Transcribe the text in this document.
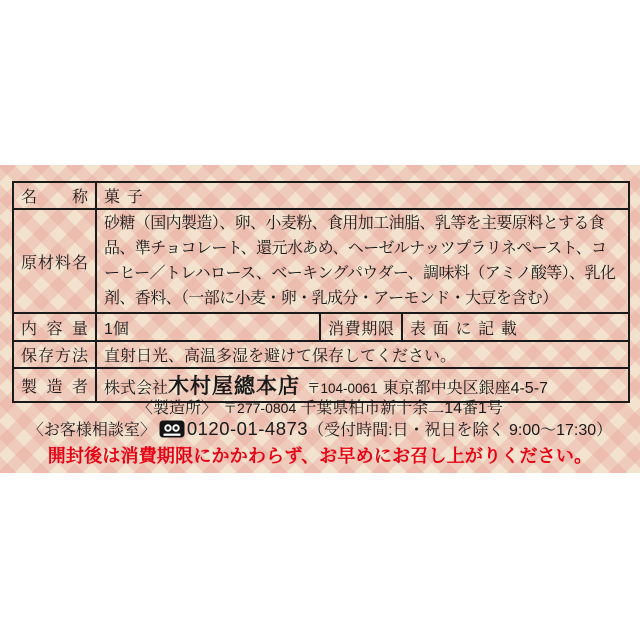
名称	菓子		
原材料名	砂糖（国内製造）、卵、小麦粉、食用加工油脂、乳等を主要原料とする食品、準チョコレート、還元水あめ、ヘーゼルナッツプラリネペースト、コーヒー／トレハロース、ベーキングパウダー、調味料（アミノ酸等）、乳化剤、香料、（一部に小麦・卵・乳成分・アーモンド・大豆を含む）		
内容量	1個	消費期限	表面に記載
保存方法	直射日光、高温多湿を避けて保存してください。		
製造者	株式会社木村屋總本店 〒104-0061 東京都中央区銀座4-5-7		
〈製造所〉 〒277-0804 千葉県柏市新十余二14番1号
〈お客様相談室〉 0120-01-4873（受付時間:日・祝日を除く 9:00～17:30）
開封後は消費期限にかかわらず、お早めにお召し上がりください。
